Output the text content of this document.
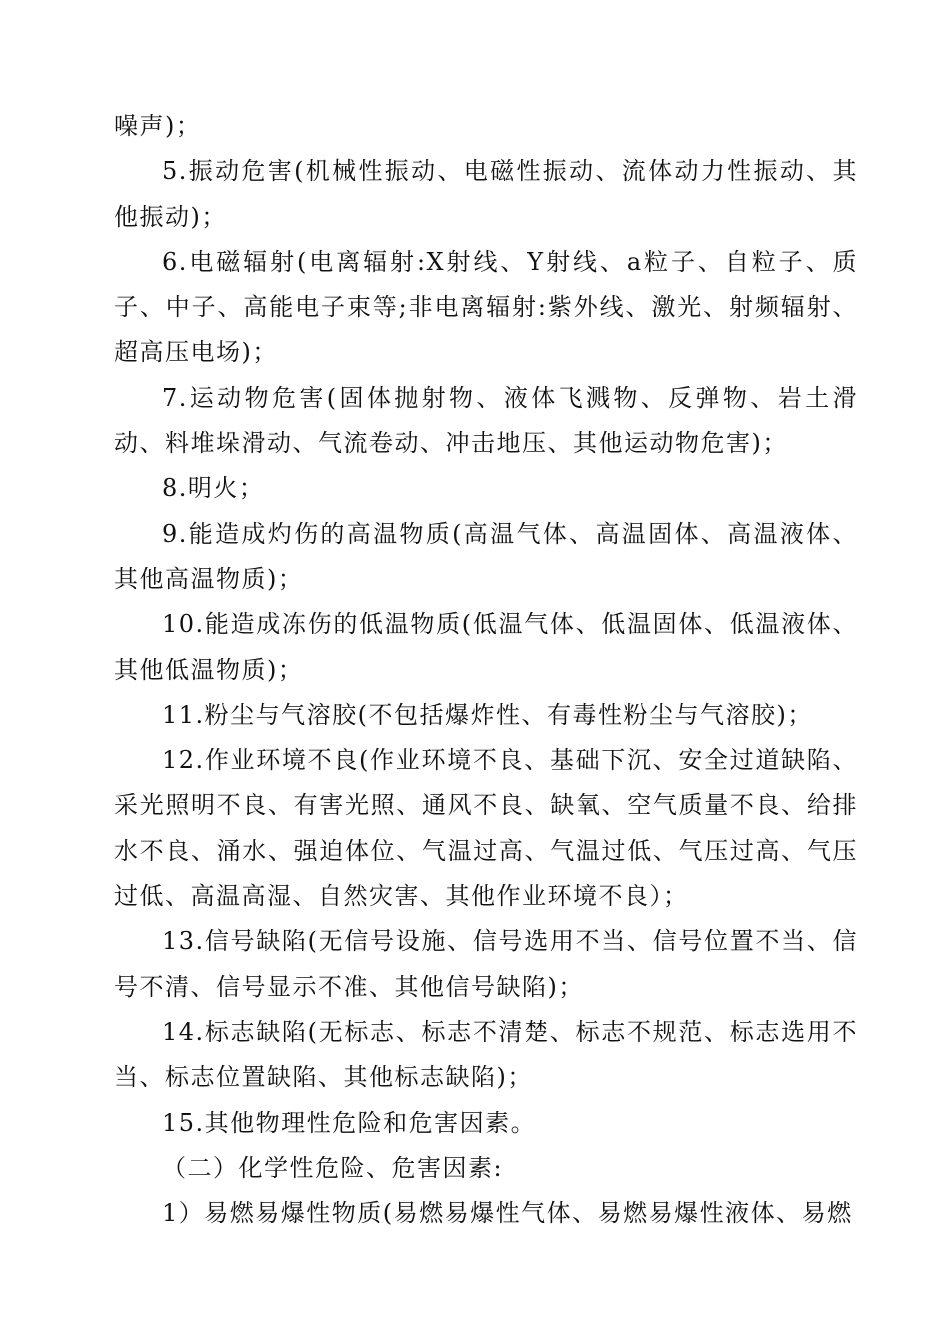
噪声)；

5.振动危害(机械性振动、电磁性振动、流体动力性振动、其他振动)；

6.电磁辐射(电离辐射:X射线、Y射线、a粒子、自粒子、质子、中子、高能电子束等;非电离辐射:紫外线、激光、射频辐射、超高压电场)；

7.运动物危害(固体抛射物、液体飞溅物、反弹物、岩土滑动、料堆垛滑动、气流卷动、冲击地压、其他运动物危害)；

8.明火；

9.能造成灼伤的高温物质(高温气体、高温固体、高温液体、其他高温物质)；

10.能造成冻伤的低温物质(低温气体、低温固体、低温液体、其他低温物质)；

11.粉尘与气溶胶(不包括爆炸性、有毒性粉尘与气溶胶)；

12.作业环境不良(作业环境不良、基础下沉、安全过道缺陷、采光照明不良、有害光照、通风不良、缺氧、空气质量不良、给排水不良、涌水、强迫体位、气温过高、气温过低、气压过高、气压过低、高温高湿、自然灾害、其他作业环境不良）；

13.信号缺陷(无信号设施、信号选用不当、信号位置不当、信号不清、信号显示不准、其他信号缺陷)；

14.标志缺陷(无标志、标志不清楚、标志不规范、标志选用不当、标志位置缺陷、其他标志缺陷)；

15.其他物理性危险和危害因素。

（二）化学性危险、危害因素:

1）易燃易爆性物质(易燃易爆性气体、易燃易爆性液体、易燃
